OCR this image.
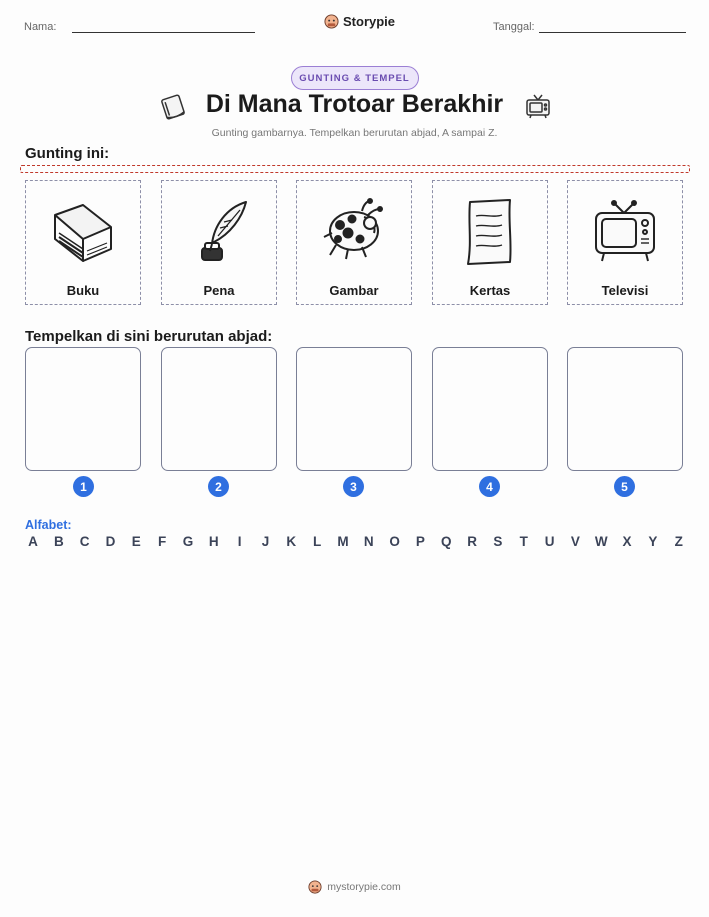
Nama:	Storypie	Tanggal:
GUNTING & TEMPEL
Di Mana Trotoar Berakhir
Gunting gambarnya. Tempelkan berurutan abjad, A sampai Z.
Gunting ini:
Buku	Pena	Gambar	Kertas	Televisi
Tempelkan di sini berurutan abjad:
1	2	3	4	5
Alfabet:
A B C D E F G H	I	J K L M N O P Q R S T U V W X Y Z
mystorypie.com
